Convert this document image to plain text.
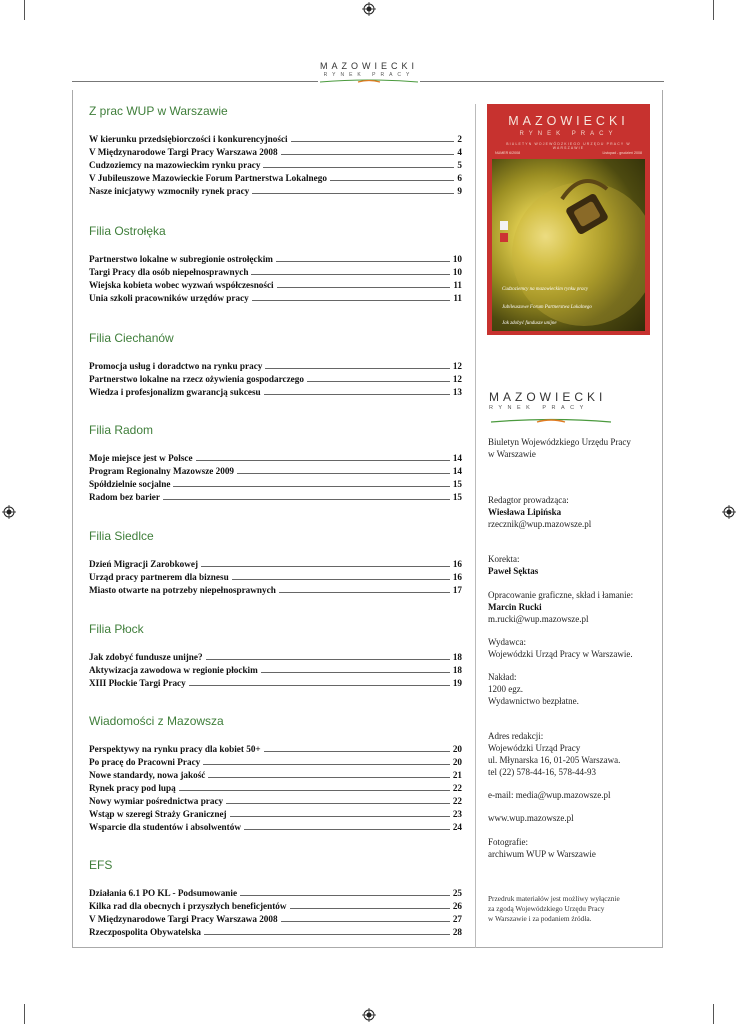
MAZOWIECKI
RYNEK PRACY
Z prac WUP w Warszawie
W kierunku przedsiębiorczości i konkurencyjności	2
V Międzynarodowe Targi Pracy Warszawa 2008	4
Cudzoziemcy na mazowieckim rynku pracy	5
V Jubileuszowe Mazowieckie Forum Partnerstwa Lokalnego	6
Nasze inicjatywy wzmocniły rynek pracy	9
Filia Ostrołęka
Partnerstwo lokalne w subregionie ostrołęckim	10
Targi Pracy dla osób niepełnosprawnych	10
Wiejska kobieta wobec wyzwań współczesności	11
Unia szkoli pracowników urzędów pracy	11
Filia Ciechanów
Promocja usług i doradctwo na rynku pracy	12
Partnerstwo lokalne na rzecz ożywienia gospodarczego	12
Wiedza i profesjonalizm gwarancją sukcesu	13
Filia Radom
Moje miejsce jest w Polsce	14
Program Regionalny Mazowsze 2009	14
Spółdzielnie socjalne	15
Radom bez barier	15
Filia Siedlce
Dzień Migracji Zarobkowej	16
Urząd pracy partnerem dla biznesu	16
Miasto otwarte na potrzeby niepełnosprawnych	17
Filia Płock
Jak zdobyć fundusze unijne?	18
Aktywizacja zawodowa w regionie płockim	18
XIII Płockie Targi Pracy	19
Wiadomości z Mazowsza
Perspektywy na rynku pracy dla kobiet 50+	20
Po pracę do Pracowni Pracy	20
Nowe standardy, nowa jakość	21
Rynek pracy pod lupą	22
Nowy wymiar pośrednictwa pracy	22
Wstąp w szeregi Straży Granicznej	23
Wsparcie dla studentów i absolwentów	24
EFS
Działania 6.1 PO KL - Podsumowanie	25
Kilka rad dla obecnych i przyszłych beneficjentów	26
V Międzynarodowe Targi Pracy Warszawa 2008	27
Rzeczpospolita Obywatelska	28
MAZOWIECKI
RYNEK PRACY
BIULETYN WOJEWÓDZKIEGO URZĘDU PRACY W WARSZAWIE
NUMER 6/2008	Listopad - grudzień 2008
Cudzoziemcy na mazowieckim rynku pracy
Jubileuszowe Forum Partnerstwa Lokalnego
Jak zdobyć fundusze unijne
MAZOWIECKI
RYNEK PRACY
Biuletyn Wojewódzkiego Urzędu Pracy
w Warszawie
Redagtor prowadząca:
Wiesława Lipińska
rzecznik@wup.mazowsze.pl
Korekta:
Paweł Sęktas
Opracowanie graficzne, skład i łamanie:
Marcin Rucki
m.rucki@wup.mazowsze.pl
Wydawca:
Wojewódzki Urząd Pracy w Warszawie.
Nakład:
1200 egz.
Wydawnictwo bezpłatne.
Adres redakcji:
Wojewódzki Urząd Pracy
ul. Młynarska 16, 01-205 Warszawa.
tel (22) 578-44-16, 578-44-93
e-mail: media@wup.mazowsze.pl
www.wup.mazowsze.pl
Fotografie:
archiwum WUP w Warszawie
Przedruk materiałów jest możliwy wyłącznie
za zgodą Wojewódzkiego Urzędu Pracy
w Warszawie i za podaniem źródła.
